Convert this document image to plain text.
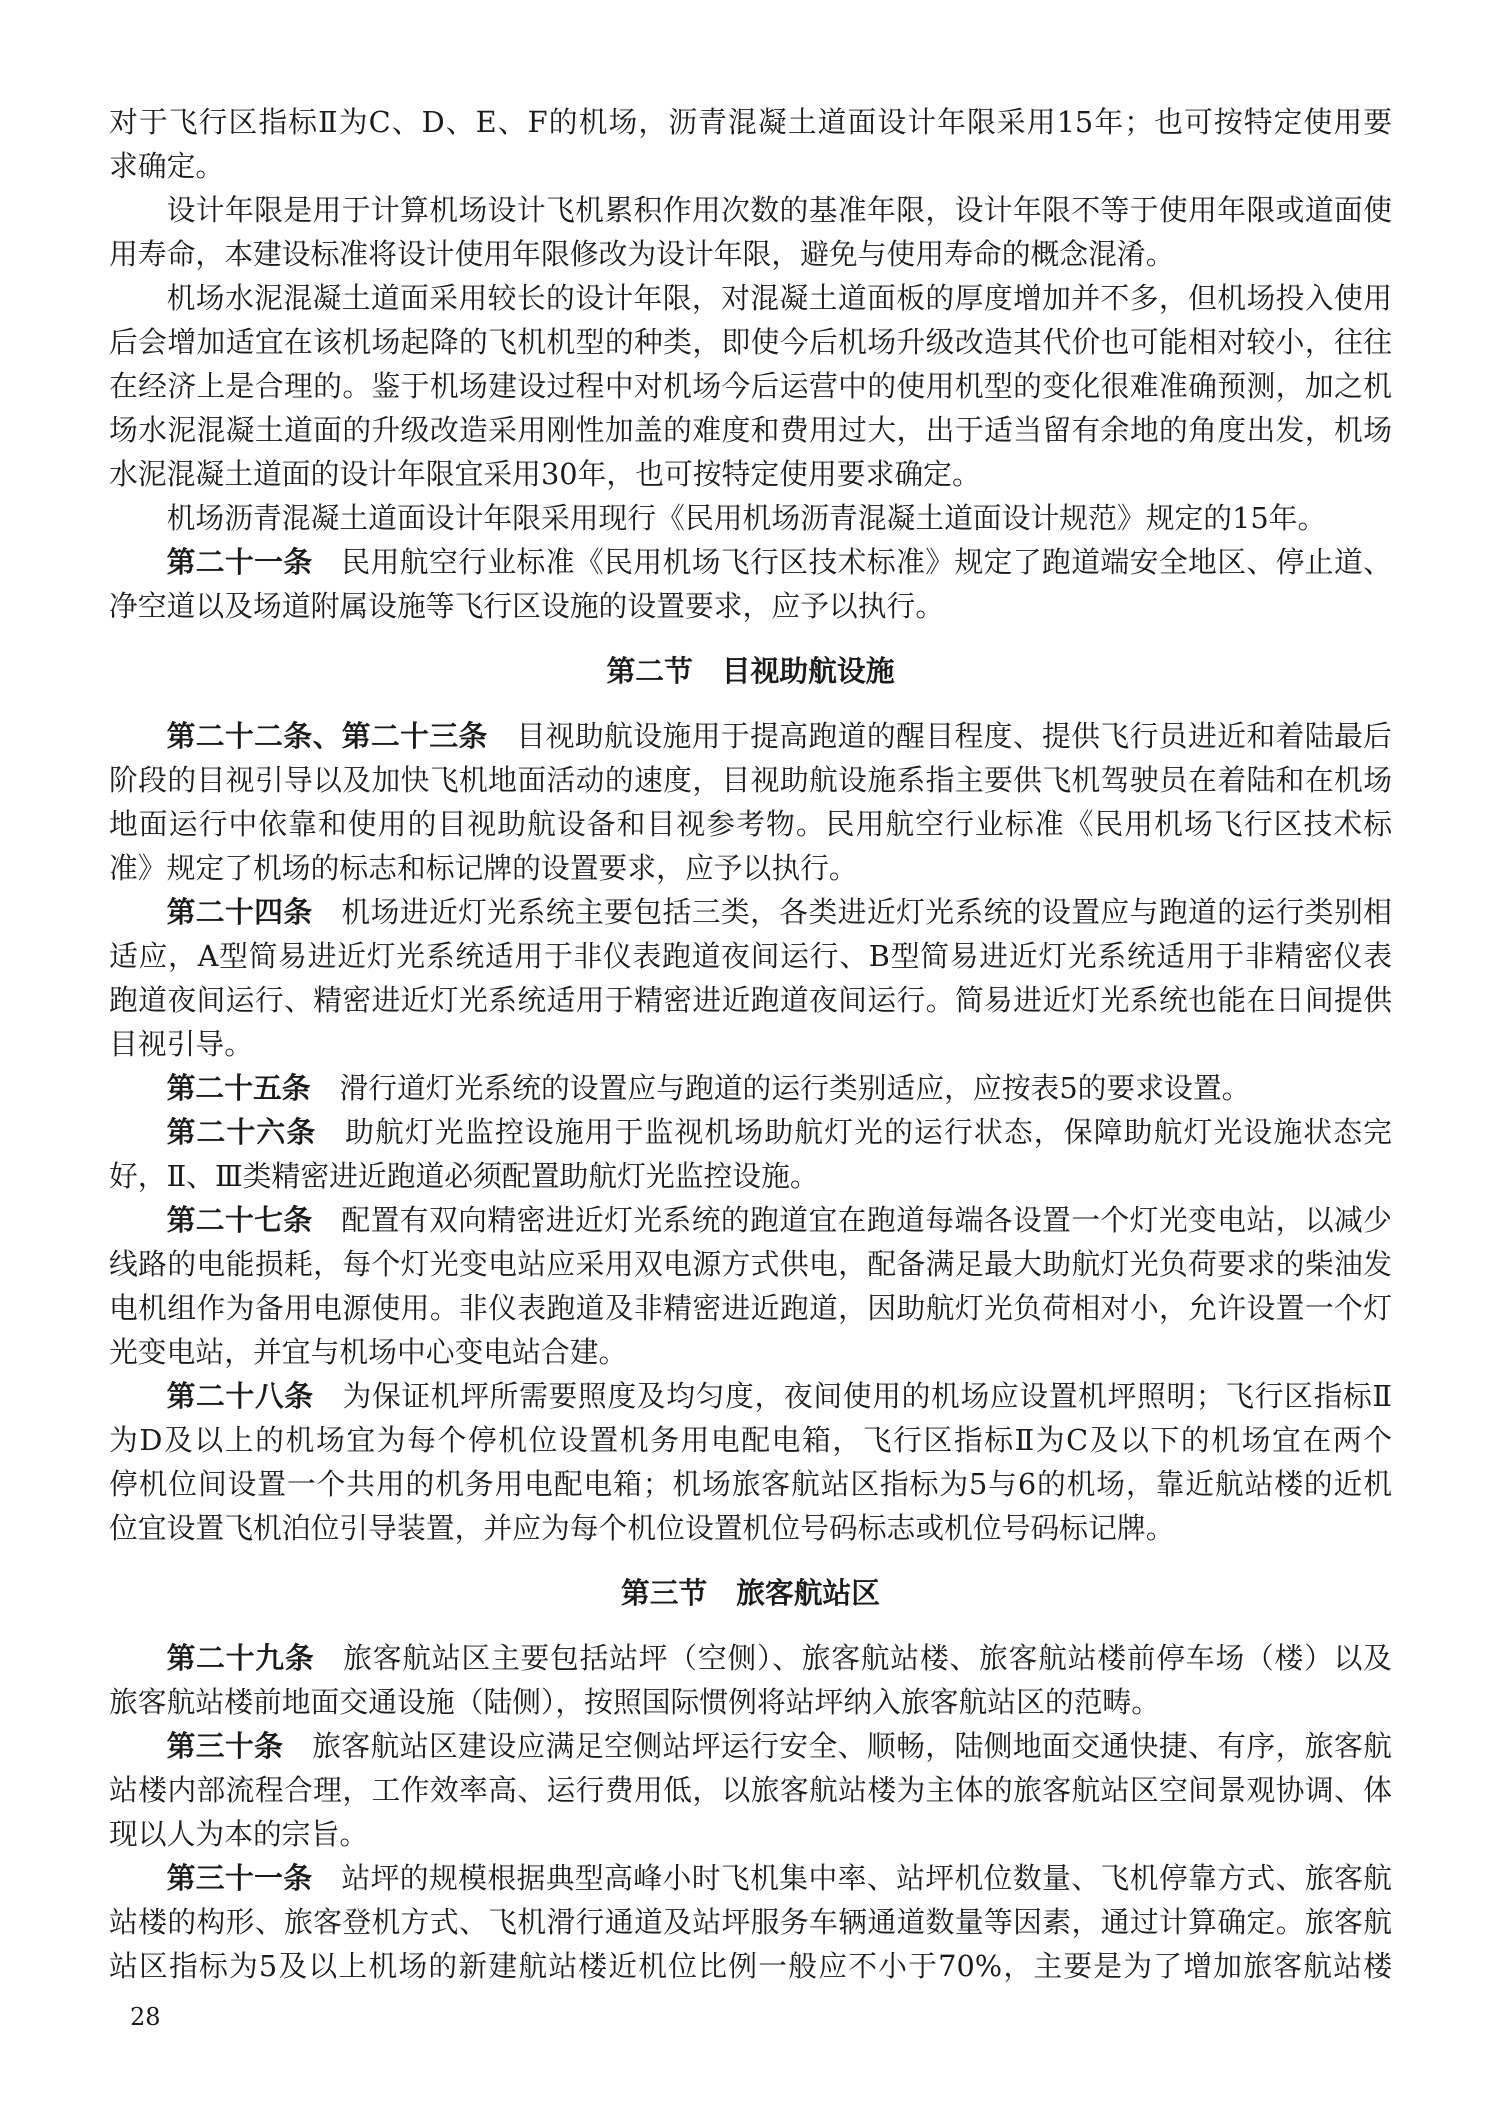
对于飞行区指标Ⅱ为C、D、E、F的机场，沥青混凝土道面设计年限采用15年；也可按特定使用要
求确定。
设计年限是用于计算机场设计飞机累积作用次数的基准年限，设计年限不等于使用年限或道面使
用寿命，本建设标准将设计使用年限修改为设计年限，避免与使用寿命的概念混淆。
机场水泥混凝土道面采用较长的设计年限，对混凝土道面板的厚度增加并不多，但机场投入使用
后会增加适宜在该机场起降的飞机机型的种类，即使今后机场升级改造其代价也可能相对较小，往往
在经济上是合理的。鉴于机场建设过程中对机场今后运营中的使用机型的变化很难准确预测，加之机
场水泥混凝土道面的升级改造采用刚性加盖的难度和费用过大，出于适当留有余地的角度出发，机场
水泥混凝土道面的设计年限宜采用30年，也可按特定使用要求确定。
机场沥青混凝土道面设计年限采用现行《民用机场沥青混凝土道面设计规范》规定的15年。
第二十一条 民用航空行业标准《民用机场飞行区技术标准》规定了跑道端安全地区、停止道、
净空道以及场道附属设施等飞行区设施的设置要求，应予以执行。
第二节 目视助航设施
第二十二条、第二十三条 目视助航设施用于提高跑道的醒目程度、提供飞行员进近和着陆最后
阶段的目视引导以及加快飞机地面活动的速度，目视助航设施系指主要供飞机驾驶员在着陆和在机场
地面运行中依靠和使用的目视助航设备和目视参考物。民用航空行业标准《民用机场飞行区技术标
准》规定了机场的标志和标记牌的设置要求，应予以执行。
第二十四条 机场进近灯光系统主要包括三类，各类进近灯光系统的设置应与跑道的运行类别相
适应，A型简易进近灯光系统适用于非仪表跑道夜间运行、B型简易进近灯光系统适用于非精密仪表
跑道夜间运行、精密进近灯光系统适用于精密进近跑道夜间运行。简易进近灯光系统也能在日间提供
目视引导。
第二十五条 滑行道灯光系统的设置应与跑道的运行类别适应，应按表5的要求设置。
第二十六条 助航灯光监控设施用于监视机场助航灯光的运行状态，保障助航灯光设施状态完
好，Ⅱ、Ⅲ类精密进近跑道必须配置助航灯光监控设施。
第二十七条 配置有双向精密进近灯光系统的跑道宜在跑道每端各设置一个灯光变电站，以减少
线路的电能损耗，每个灯光变电站应采用双电源方式供电，配备满足最大助航灯光负荷要求的柴油发
电机组作为备用电源使用。非仪表跑道及非精密进近跑道，因助航灯光负荷相对小，允许设置一个灯
光变电站，并宜与机场中心变电站合建。
第二十八条 为保证机坪所需要照度及均匀度，夜间使用的机场应设置机坪照明；飞行区指标Ⅱ
为D及以上的机场宜为每个停机位设置机务用电配电箱，飞行区指标Ⅱ为C及以下的机场宜在两个
停机位间设置一个共用的机务用电配电箱；机场旅客航站区指标为5与6的机场，靠近航站楼的近机
位宜设置飞机泊位引导装置，并应为每个机位设置机位号码标志或机位号码标记牌。
第三节 旅客航站区
第二十九条 旅客航站区主要包括站坪（空侧）、旅客航站楼、旅客航站楼前停车场（楼）以及
旅客航站楼前地面交通设施（陆侧），按照国际惯例将站坪纳入旅客航站区的范畴。
第三十条 旅客航站区建设应满足空侧站坪运行安全、顺畅，陆侧地面交通快捷、有序，旅客航
站楼内部流程合理，工作效率高、运行费用低，以旅客航站楼为主体的旅客航站区空间景观协调、体
现以人为本的宗旨。
第三十一条 站坪的规模根据典型高峰小时飞机集中率、站坪机位数量、飞机停靠方式、旅客航
站楼的构形、旅客登机方式、飞机滑行通道及站坪服务车辆通道数量等因素，通过计算确定。旅客航
站区指标为5及以上机场的新建航站楼近机位比例一般应不小于70%，主要是为了增加旅客航站楼
28
